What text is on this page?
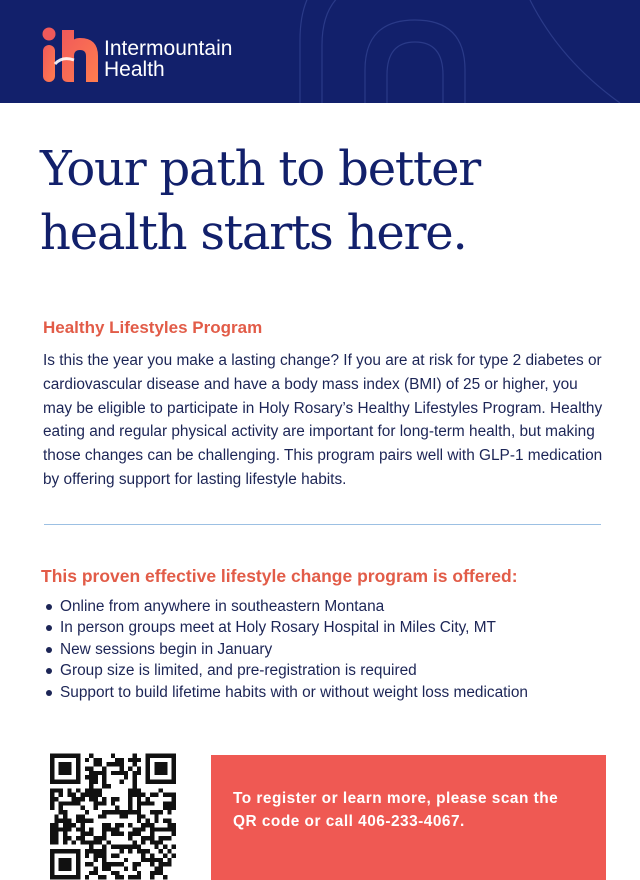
Intermountain
Health
Your path to better
health starts here.
Healthy Lifestyles Program

Is this the year you make a lasting change? If you are at risk for type 2 diabetes or cardiovascular disease and have a body mass index (BMI) of 25 or higher, you may be eligible to participate in Holy Rosary’s Healthy Lifestyles Program. Healthy eating and regular physical activity are important for long-term health, but making those changes can be challenging. This program pairs well with GLP-1 medication by offering support for lasting lifestyle habits.

This proven effective lifestyle change program is offered:
Online from anywhere in southeastern Montana
In person groups meet at Holy Rosary Hospital in Miles City, MT
New sessions begin in January
Group size is limited, and pre-registration is required
Support to build lifetime habits with or without weight loss medication

To register or learn more, please scan the QR code or call 406-233-4067.
